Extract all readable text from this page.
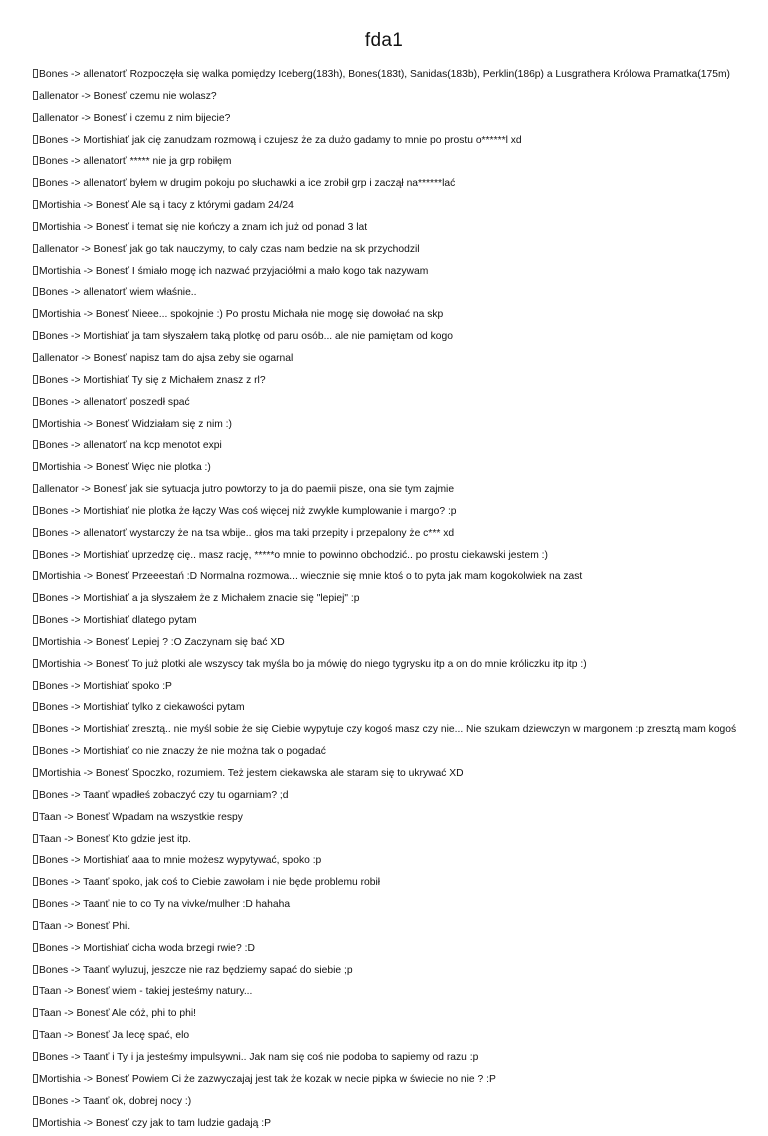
fda1
Bones -> allenatorť Rozpoczęła się walka pomiędzy Iceberg(183h), Bones(183t), Sanidas(183b), Perklin(186p) a Lusgrathera Królowa Pramatka(175m)
allenator -> Bonesť czemu nie wolasz?
allenator -> Bonesť i czemu z nim bijecie?
Bones -> Mortishiať jak cię zanudzam rozmową i czujesz że za dużo gadamy to mnie po prostu o******l xd
Bones -> allenatorť ***** nie ja grp robiłęm
Bones -> allenatorť byłem w drugim pokoju po słuchawki a ice zrobił grp i zaczął na******lać
Mortishia -> Bonesť Ale są i tacy z którymi gadam 24/24
Mortishia -> Bonesť i temat się nie kończy a znam ich już od ponad 3 lat
allenator -> Bonesť jak go tak nauczymy, to caly czas nam bedzie na sk przychodzil
Mortishia -> Bonesť I śmiało mogę ich nazwać przyjaciółmi a mało kogo tak nazywam
Bones -> allenatorť wiem właśnie..
Mortishia -> Bonesť Nieee... spokojnie :) Po prostu Michała nie mogę się dowołać na skp
Bones -> Mortishiať ja tam słyszałem taką plotkę od paru osób... ale nie pamiętam od kogo
allenator -> Bonesť napisz tam do ajsa zeby sie ogarnal
Bones -> Mortishiať Ty się z Michałem znasz z rl?
Bones -> allenatorť poszedł spać
Mortishia -> Bonesť Widziałam się z nim :)
Bones -> allenatorť na kcp menotot expi
Mortishia -> Bonesť Więc nie plotka :)
allenator -> Bonesť jak sie sytuacja jutro powtorzy to ja do paemii pisze, ona sie tym zajmie
Bones -> Mortishiať nie plotka że łączy Was coś więcej niż zwykłe kumplowanie i margo? :p
Bones -> allenatorť wystarczy że na tsa wbije.. głos ma taki przepity i przepalony że c*** xd
Bones -> Mortishiať uprzedzę cię.. masz rację, *****o mnie to powinno obchodzić.. po prostu ciekawski jestem :)
Mortishia -> Bonesť Przeeestań :D Normalna rozmowa... wiecznie się mnie ktoś o to pyta jak mam kogokolwiek na zast
Bones -> Mortishiať a ja słyszałem że z Michałem znacie się "lepiej" :p
Bones -> Mortishiať dlatego pytam
Mortishia -> Bonesť Lepiej ? :O Zaczynam się bać XD
Mortishia -> Bonesť To już plotki ale wszyscy tak myśla bo ja mówię do niego tygrysku itp a on do mnie króliczku itp itp :)
Bones -> Mortishiať spoko :P
Bones -> Mortishiať tylko z ciekawości pytam
Bones -> Mortishiať zresztą.. nie myśl sobie że się Ciebie wypytuje czy kogoś masz czy nie... Nie szukam dziewczyn w margonem :p zresztą mam kogoś
Bones -> Mortishiať co nie znaczy że nie można tak o pogadać
Mortishia -> Bonesť Spoczko, rozumiem. Też jestem ciekawska ale staram się to ukrywać XD
Bones -> Taanť wpadłeś zobaczyć czy tu ogarniam? ;d
Taan -> Bonesť Wpadam na wszystkie respy
Taan -> Bonesť Kto gdzie jest itp.
Bones -> Mortishiať aaa to mnie możesz wypytywać, spoko :p
Bones -> Taanť spoko, jak coś to Ciebie zawołam i nie będe problemu robił
Bones -> Taanť nie to co Ty na vivke/mulher :D hahaha
Taan -> Bonesť Phi.
Bones -> Mortishiať cicha woda brzegi rwie? :D
Bones -> Taanť wyluzuj, jeszcze nie raz będziemy sapać do siebie ;p
Taan -> Bonesť wiem - takiej jesteśmy natury...
Taan -> Bonesť Ale cóż, phi to phi!
Taan -> Bonesť Ja lecę spać, elo
Bones -> Taanť i Ty i ja jesteśmy impulsywni.. Jak nam się coś nie podoba to sapiemy od razu :p
Mortishia -> Bonesť Powiem Ci że zazwyczajaj jest tak że kozak w necie pipka w świecie no nie ? :P
Bones -> Taanť ok, dobrej nocy :)
Mortishia -> Bonesť czy jak to tam ludzie gadają :P
